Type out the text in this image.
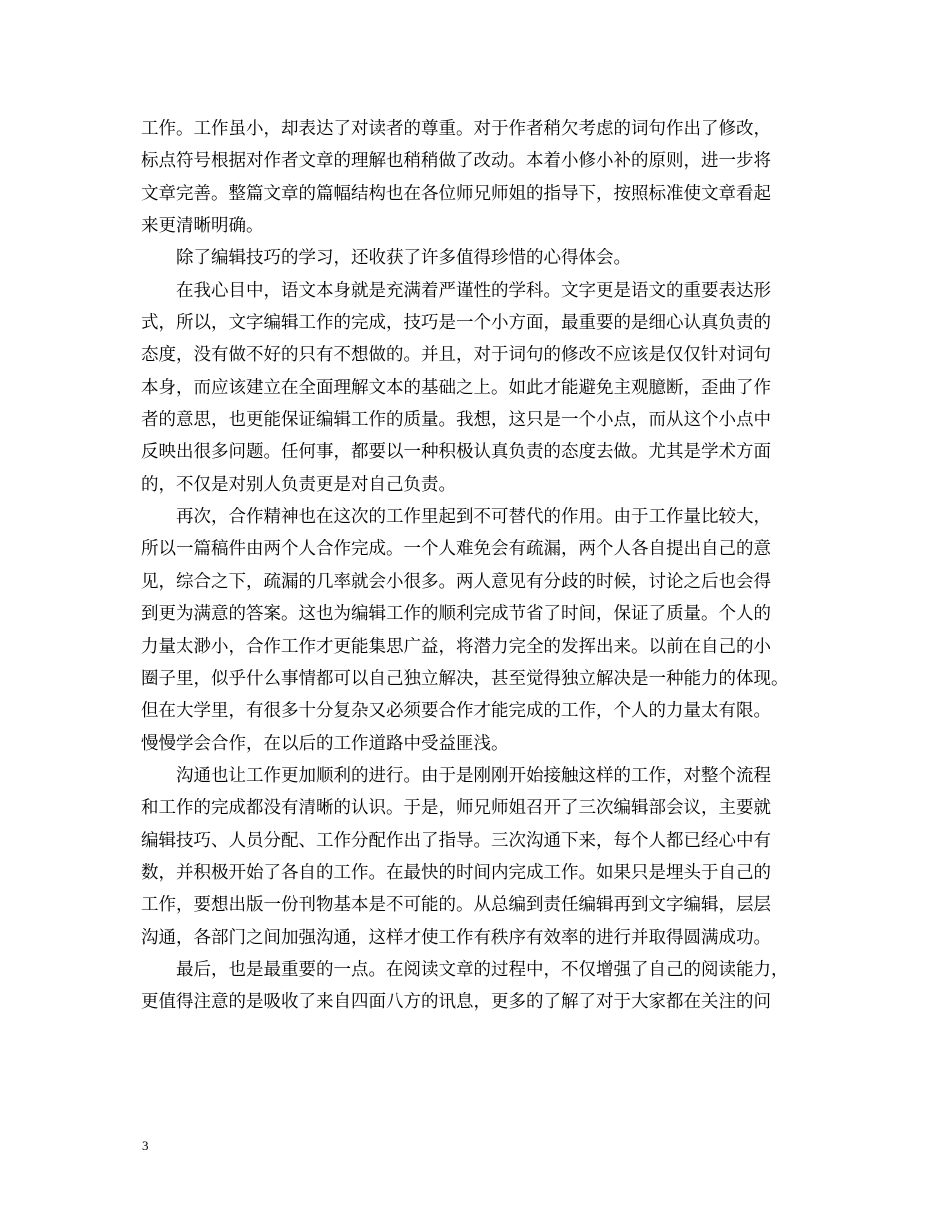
工作。工作虽小，却表达了对读者的尊重。对于作者稍欠考虑的词句作出了修改，
标点符号根据对作者文章的理解也稍稍做了改动。本着小修小补的原则，进一步将
文章完善。整篇文章的篇幅结构也在各位师兄师姐的指导下，按照标准使文章看起
来更清晰明确。
　　除了编辑技巧的学习，还收获了许多值得珍惜的心得体会。
　　在我心目中，语文本身就是充满着严谨性的学科。文字更是语文的重要表达形
式，所以，文字编辑工作的完成，技巧是一个小方面，最重要的是细心认真负责的
态度，没有做不好的只有不想做的。并且，对于词句的修改不应该是仅仅针对词句
本身，而应该建立在全面理解文本的基础之上。如此才能避免主观臆断，歪曲了作
者的意思，也更能保证编辑工作的质量。我想，这只是一个小点，而从这个小点中
反映出很多问题。任何事，都要以一种积极认真负责的态度去做。尤其是学术方面
的，不仅是对别人负责更是对自己负责。
　　再次，合作精神也在这次的工作里起到不可替代的作用。由于工作量比较大，
所以一篇稿件由两个人合作完成。一个人难免会有疏漏，两个人各自提出自己的意
见，综合之下，疏漏的几率就会小很多。两人意见有分歧的时候，讨论之后也会得
到更为满意的答案。这也为编辑工作的顺利完成节省了时间，保证了质量。个人的
力量太渺小，合作工作才更能集思广益，将潜力完全的发挥出来。以前在自己的小
圈子里，似乎什么事情都可以自己独立解决，甚至觉得独立解决是一种能力的体现。
但在大学里，有很多十分复杂又必须要合作才能完成的工作，个人的力量太有限。
慢慢学会合作，在以后的工作道路中受益匪浅。
　　沟通也让工作更加顺利的进行。由于是刚刚开始接触这样的工作，对整个流程
和工作的完成都没有清晰的认识。于是，师兄师姐召开了三次编辑部会议，主要就
编辑技巧、人员分配、工作分配作出了指导。三次沟通下来，每个人都已经心中有
数，并积极开始了各自的工作。在最快的时间内完成工作。如果只是埋头于自己的
工作，要想出版一份刊物基本是不可能的。从总编到责任编辑再到文字编辑，层层
沟通，各部门之间加强沟通，这样才使工作有秩序有效率的进行并取得圆满成功。
　　最后，也是最重要的一点。在阅读文章的过程中，不仅增强了自己的阅读能力，
更值得注意的是吸收了来自四面八方的讯息，更多的了解了对于大家都在关注的问
3
